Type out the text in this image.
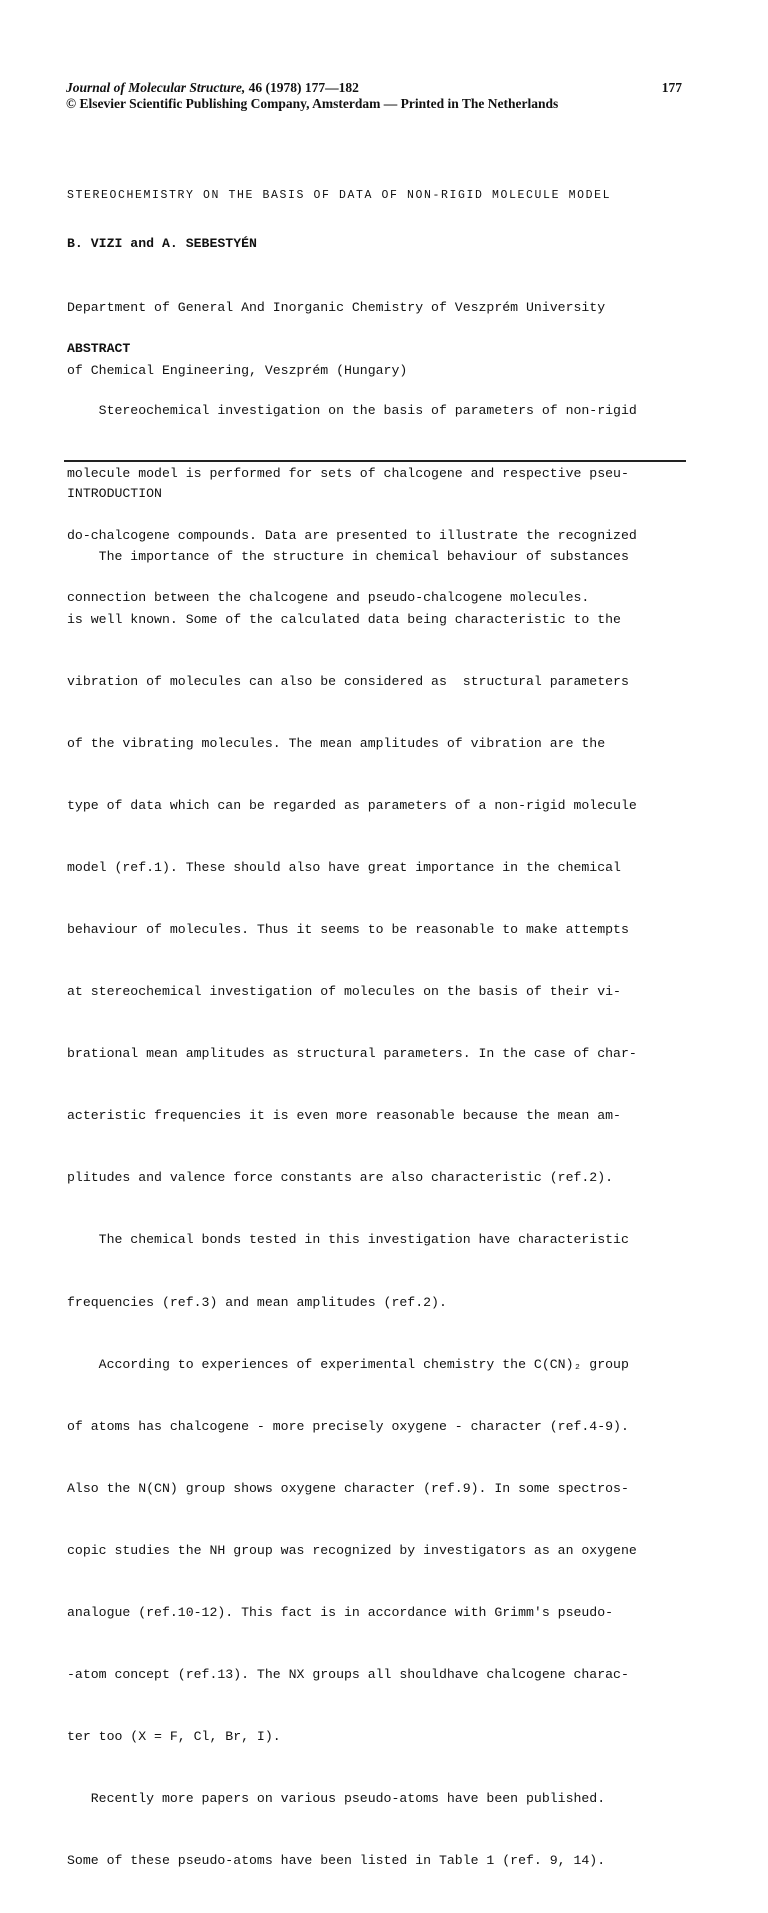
Journal of Molecular Structure, 46 (1978) 177—182	177
© Elsevier Scientific Publishing Company, Amsterdam — Printed in The Netherlands
STEREOCHEMISTRY ON THE BASIS OF DATA OF NON-RIGID MOLECULE MODEL
B. VIZI and A. SEBESTYÉN

Department of General And Inorganic Chemistry of Veszprém University

of Chemical Engineering, Veszprém (Hungary)

ABSTRACT

Stereochemical investigation on the basis of parameters of non-rigid

molecule model is performed for sets of chalcogene and respective pseu-

do-chalcogene compounds. Data are presented to illustrate the recognized

connection between the chalcogene and pseudo-chalcogene molecules.

INTRODUCTION

The importance of the structure in chemical behaviour of substances

is well known. Some of the calculated data being characteristic to the

vibration of molecules can also be considered as  structural parameters

of the vibrating molecules. The mean amplitudes of vibration are the

type of data which can be regarded as parameters of a non-rigid molecule

model (ref.1). These should also have great importance in the chemical

behaviour of molecules. Thus it seems to be reasonable to make attempts

at stereochemical investigation of molecules on the basis of their vi-

brational mean amplitudes as structural parameters. In the case of char-

acteristic frequencies it is even more reasonable because the mean am-

plitudes and valence force constants are also characteristic (ref.2).

The chemical bonds tested in this investigation have characteristic

frequencies (ref.3) and mean amplitudes (ref.2).

According to experiences of experimental chemistry the C(CN)₂ group

of atoms has chalcogene - more precisely oxygene - character (ref.4-9).

Also the N(CN) group shows oxygene character (ref.9). In some spectros-

copic studies the NH group was recognized by investigators as an oxygene

analogue (ref.10-12). This fact is in accordance with Grimm's pseudo-

-atom concept (ref.13). The NX groups all shouldhave chalcogene charac-

ter too (X = F, Cl, Br, I).

Recently more papers on various pseudo-atoms have been published.

Some of these pseudo-atoms have been listed in Table 1 (ref. 9, 14).
